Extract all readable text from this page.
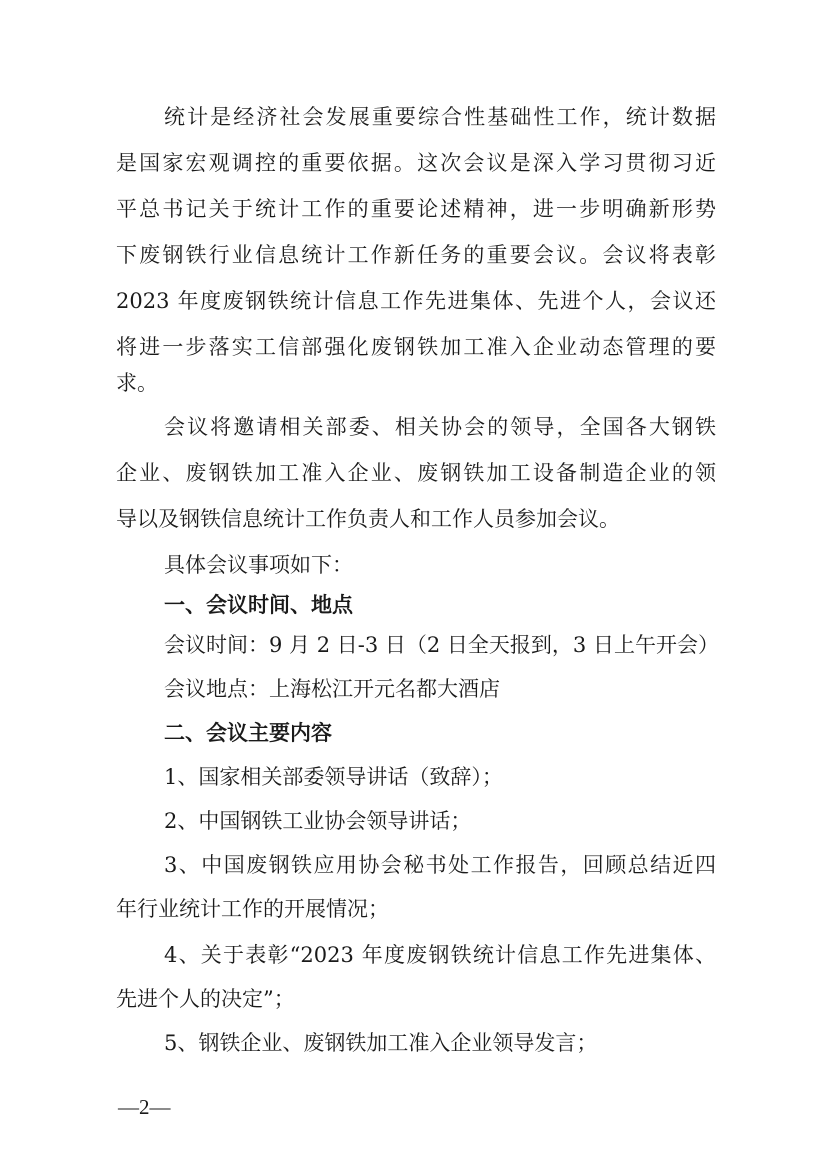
统计是经济社会发展重要综合性基础性工作，统计数据
是国家宏观调控的重要依据。这次会议是深入学习贯彻习近
平总书记关于统计工作的重要论述精神，进一步明确新形势
下废钢铁行业信息统计工作新任务的重要会议。会议将表彰
2023 年度废钢铁统计信息工作先进集体、先进个人，会议还
将进一步落实工信部强化废钢铁加工准入企业动态管理的要
求。
会议将邀请相关部委、相关协会的领导，全国各大钢铁
企业、废钢铁加工准入企业、废钢铁加工设备制造企业的领
导以及钢铁信息统计工作负责人和工作人员参加会议。
具体会议事项如下：
一、会议时间、地点
会议时间：9 月 2 日-3 日（2 日全天报到，3 日上午开会）
会议地点：上海松江开元名都大酒店
二、会议主要内容
1、国家相关部委领导讲话（致辞）；
2、中国钢铁工业协会领导讲话；
3、中国废钢铁应用协会秘书处工作报告，回顾总结近四
年行业统计工作的开展情况；
4、关于表彰“2023 年度废钢铁统计信息工作先进集体、
先进个人的决定”；
5、钢铁企业、废钢铁加工准入企业领导发言；
—2—
